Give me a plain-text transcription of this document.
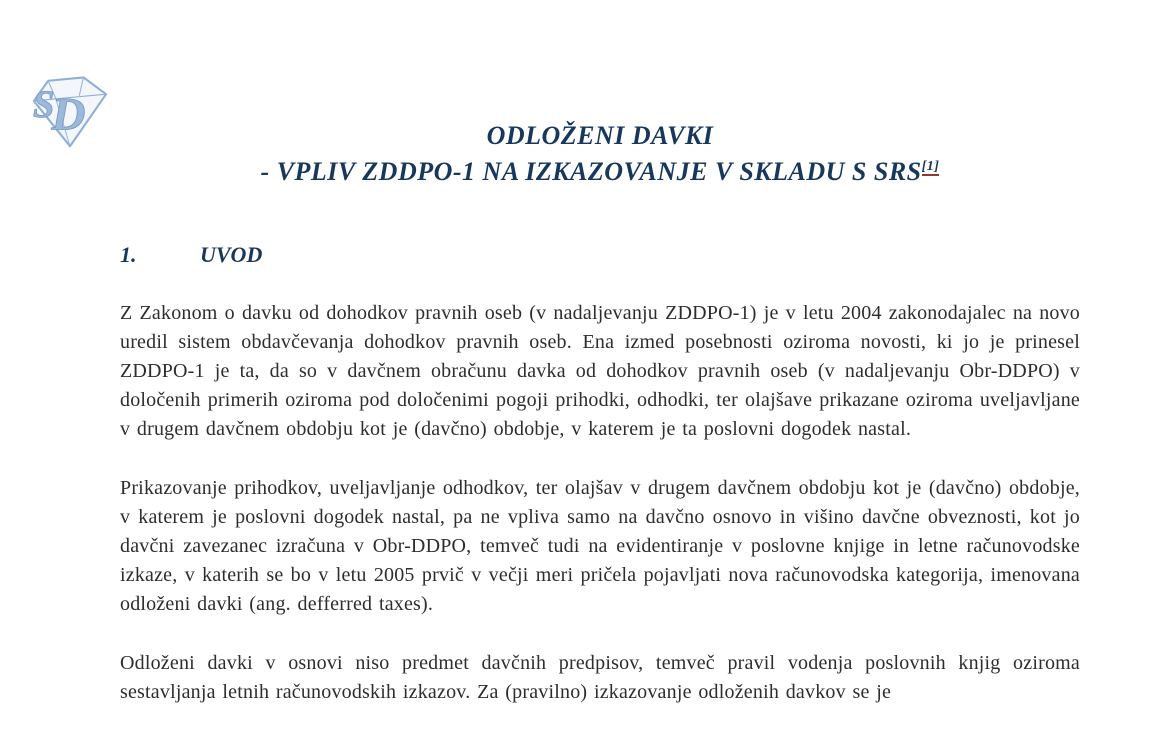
S
D	ODLOŽENI DAVKI
- VPLIV ZDDPO-1 NA IZKAZOVANJE V SKLADU S SRS[1]
1.	UVOD

Z Zakonom o davku od dohodkov pravnih oseb (v nadaljevanju ZDDPO-1) je v letu 2004 zakonodajalec na novo uredil sistem obdavčevanja dohodkov pravnih oseb. Ena izmed posebnosti oziroma novosti, ki jo je prinesel ZDDPO-1 je ta, da so v davčnem obračunu davka od dohodkov pravnih oseb (v nadaljevanju Obr-DDPO) v določenih primerih oziroma pod določenimi pogoji prihodki, odhodki, ter olajšave prikazane oziroma uveljavljane v drugem davčnem obdobju kot je (davčno) obdobje, v katerem je ta poslovni dogodek nastal.

Prikazovanje prihodkov, uveljavljanje odhodkov, ter olajšav v drugem davčnem obdobju kot je (davčno) obdobje, v katerem je poslovni dogodek nastal, pa ne vpliva samo na davčno osnovo in višino davčne obveznosti, kot jo davčni zavezanec izračuna v Obr-DDPO, temveč tudi na evidentiranje v poslovne knjige in letne računovodske izkaze, v katerih se bo v letu 2005 prvič v večji meri pričela pojavljati nova računovodska kategorija, imenovana odloženi davki (ang. defferred taxes).

Odloženi davki v osnovi niso predmet davčnih predpisov, temveč pravil vodenja poslovnih knjig oziroma sestavljanja letnih računovodskih izkazov. Za (pravilno) izkazovanje odloženih davkov se je
